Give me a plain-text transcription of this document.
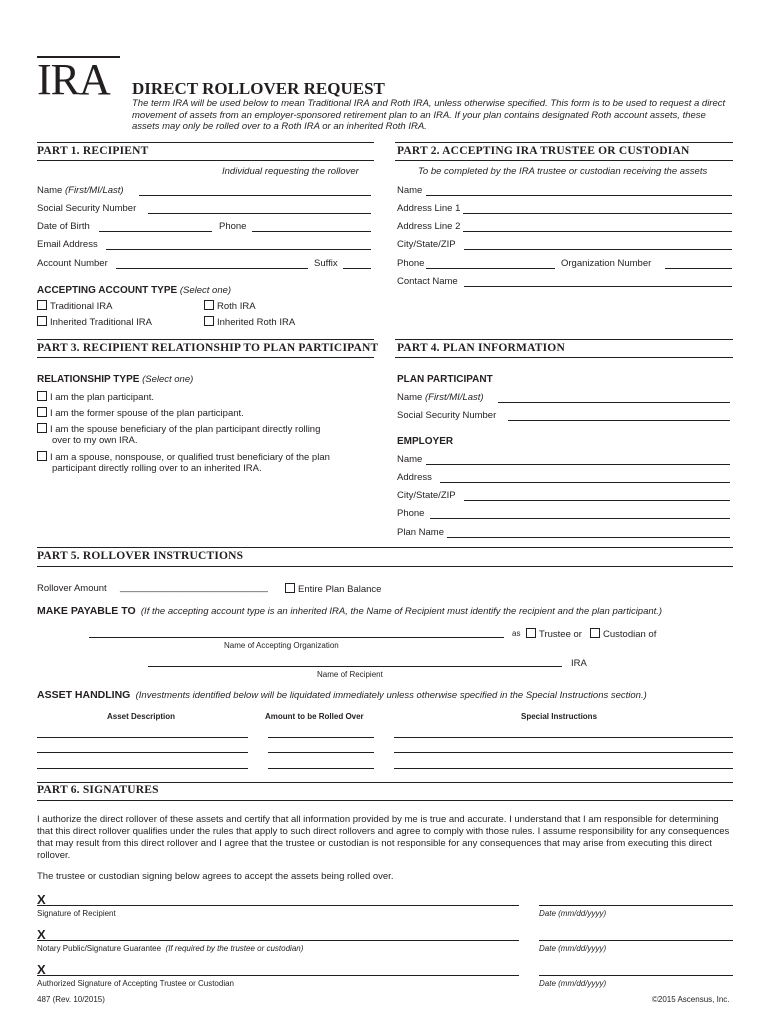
IRA DIRECT ROLLOVER REQUEST
The term IRA will be used below to mean Traditional IRA and Roth IRA, unless otherwise specified. This form is to be used to request a direct movement of assets from an employer-sponsored retirement plan to an IRA. If your plan contains designated Roth account assets, these assets may only be rolled over to a Roth IRA or an inherited Roth IRA.
PART 1. RECIPIENT
Individual requesting the rollover
Name (First/MI/Last)
Social Security Number
Date of Birth	Phone
Email Address
Account Number	Suffix
ACCEPTING ACCOUNT TYPE (Select one)
Traditional IRA	Roth IRA
Inherited Traditional IRA	Inherited Roth IRA
PART 2. ACCEPTING IRA TRUSTEE OR CUSTODIAN
To be completed by the IRA trustee or custodian receiving the assets
Name
Address Line 1
Address Line 2
City/State/ZIP
Phone	Organization Number
Contact Name
PART 3. RECIPIENT RELATIONSHIP TO PLAN PARTICIPANT
RELATIONSHIP TYPE (Select one)
I am the plan participant.
I am the former spouse of the plan participant.
I am the spouse beneficiary of the plan participant directly rolling
over to my own IRA.
I am a spouse, nonspouse, or qualified trust beneficiary of the plan
participant directly rolling over to an inherited IRA.
PART 4. PLAN INFORMATION
PLAN PARTICIPANT
Name (First/MI/Last)
Social Security Number
EMPLOYER
Name
Address
City/State/ZIP
Phone
Plan Name
PART 5. ROLLOVER INSTRUCTIONS
Rollover Amount ____________________________	Entire Plan Balance
MAKE PAYABLE TO (If the accepting account type is an inherited IRA, the Name of Recipient must identify the recipient and the plan participant.)
as	Trustee or	Custodian of
Name of Accepting Organization
IRA
Name of Recipient
ASSET HANDLING (Investments identified below will be liquidated immediately unless otherwise specified in the Special Instructions section.)
Asset Description	Amount to be Rolled Over	Special Instructions
PART 6. SIGNATURES
I authorize the direct rollover of these assets and certify that all information provided by me is true and accurate. I understand that I am responsible for determining that this direct rollover qualifies under the rules that apply to such direct rollovers and agree to comply with those rules. I assume responsibility for any consequences that may result from this direct rollover and I agree that the trustee or custodian is not responsible for any consequences that may arise from executing this direct rollover.
The trustee or custodian signing below agrees to accept the assets being rolled over.
X
Signature of Recipient	Date (mm/dd/yyyy)
X
Notary Public/Signature Guarantee (If required by the trustee or custodian)	Date (mm/dd/yyyy)
X
Authorized Signature of Accepting Trustee or Custodian	Date (mm/dd/yyyy)
487 (Rev. 10/2015)	©2015 Ascensus, Inc.
